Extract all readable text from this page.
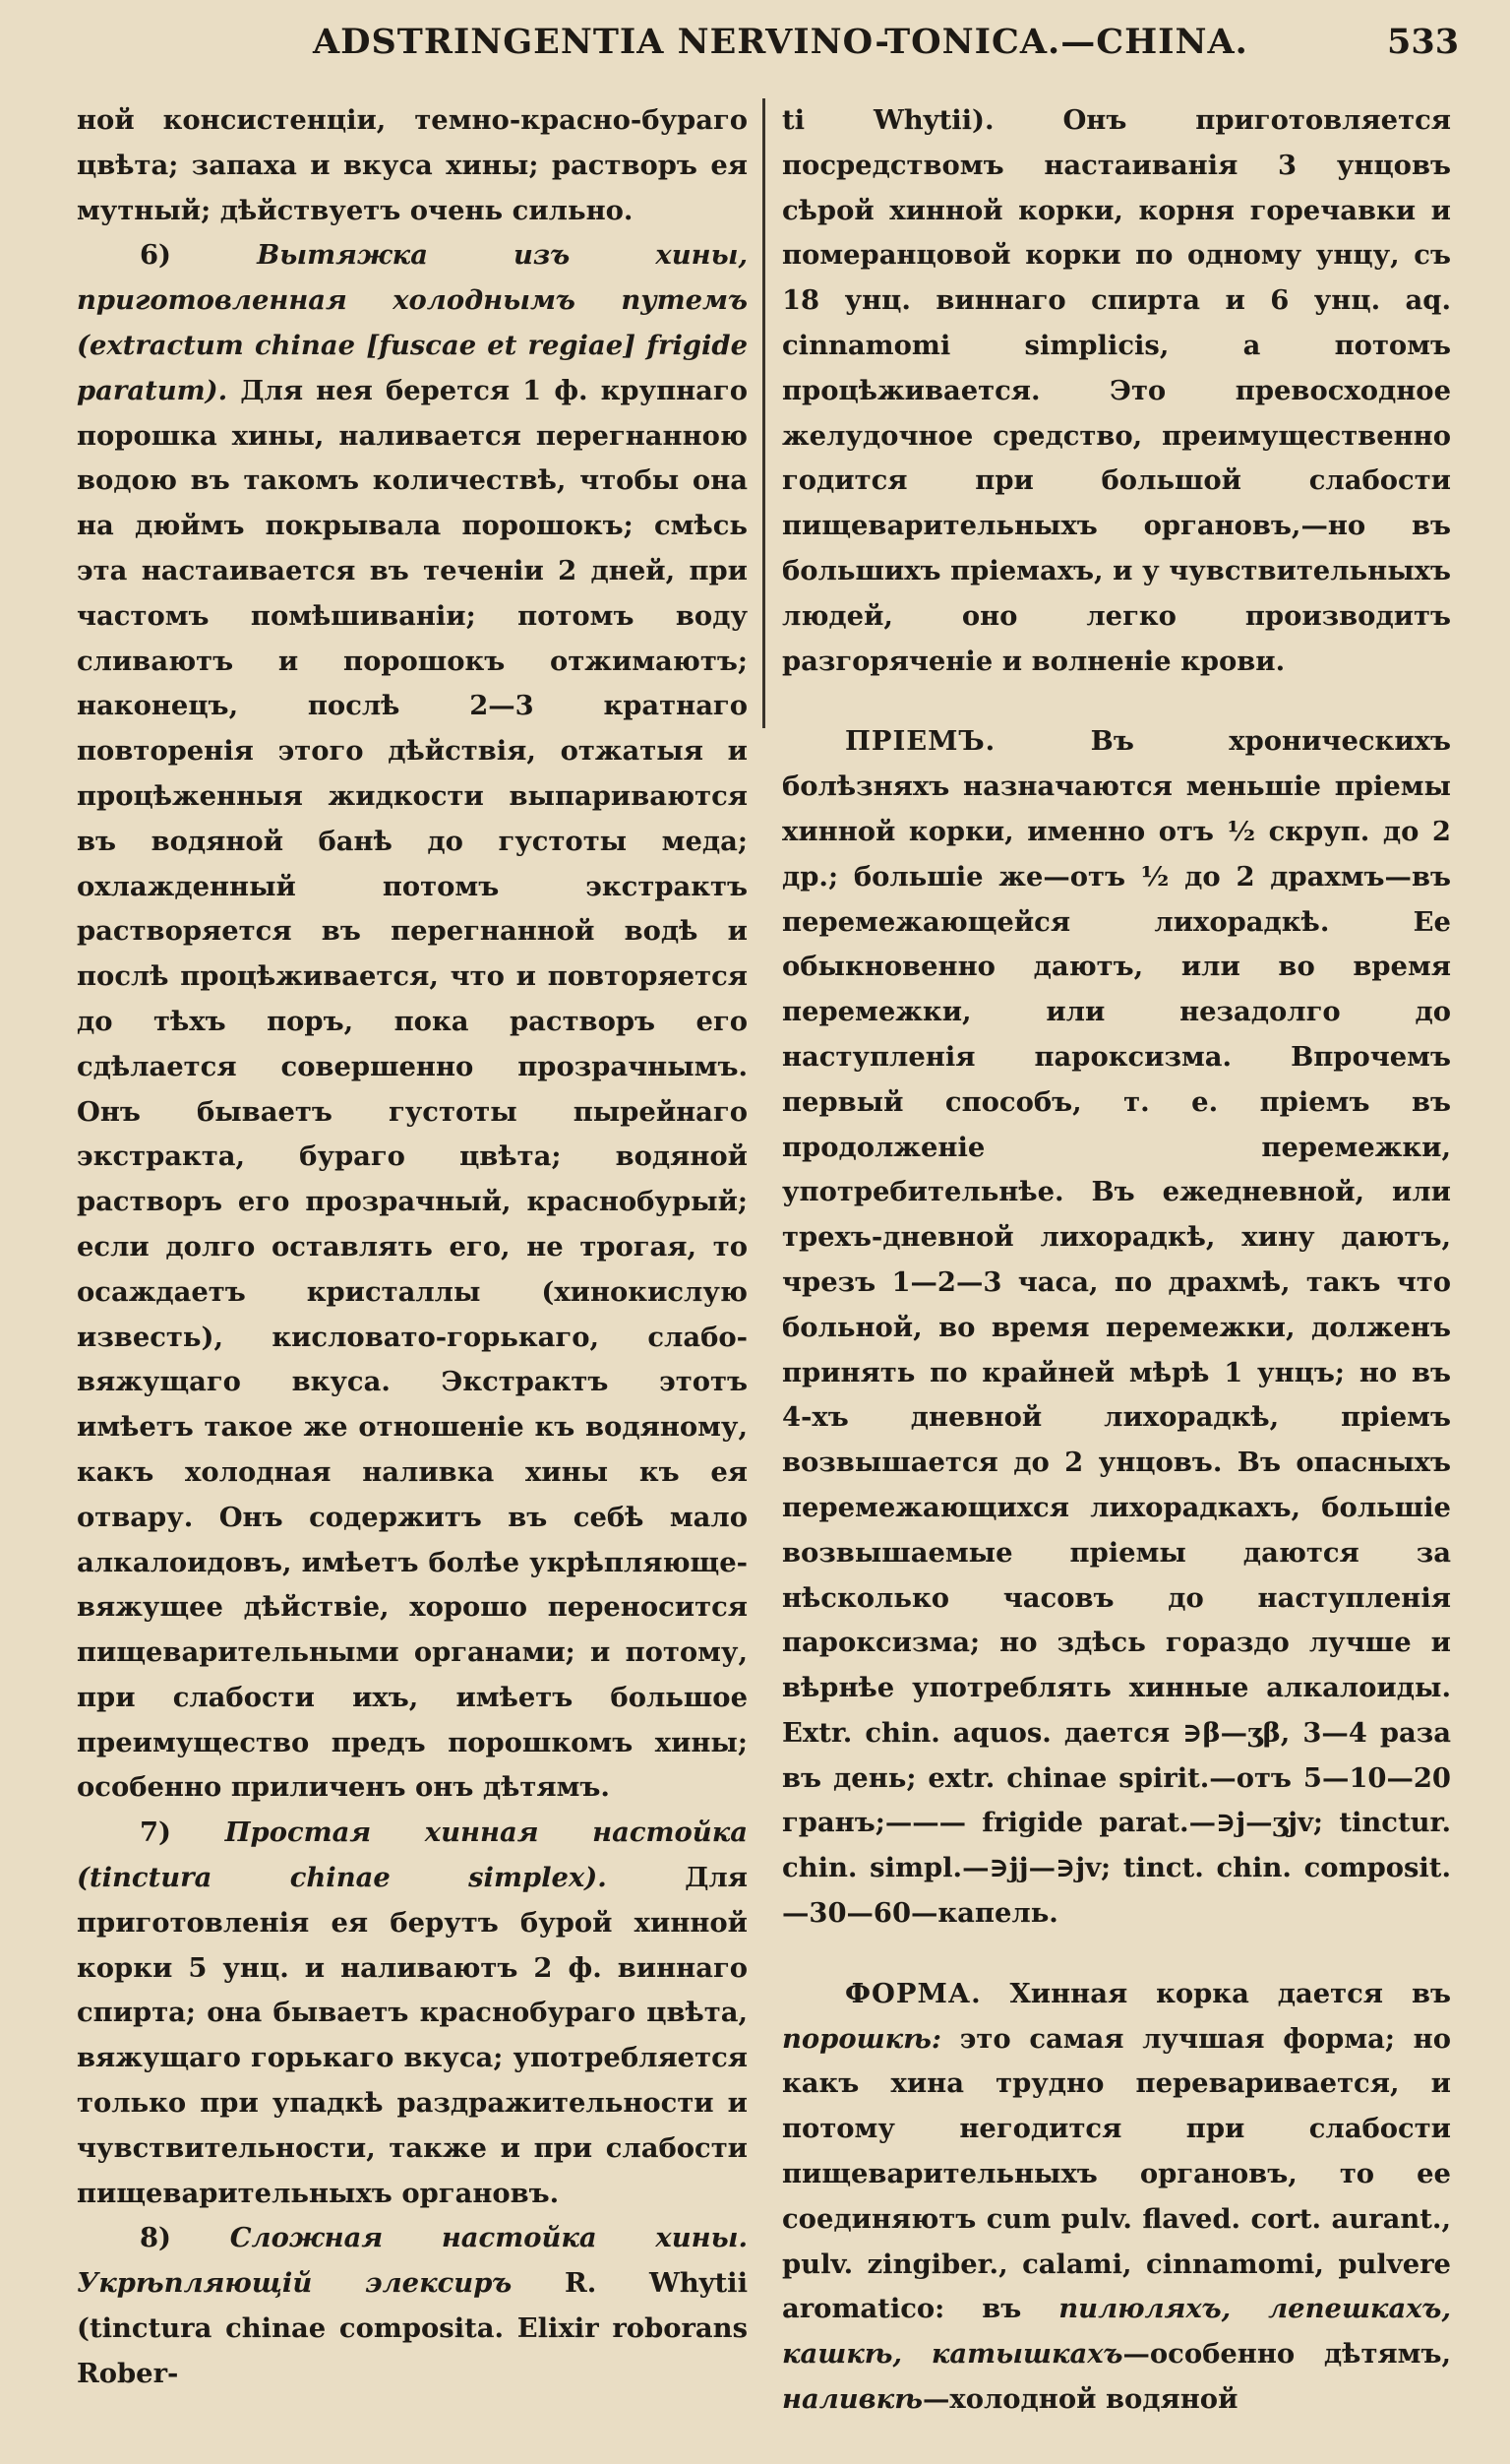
ADSTRINGENTIA NERVINO-TONICA.—CHINA.	533

ной консистенціи, темно-красно-бураго цвѣта; запаха и вкуса хины; растворъ ея мутный; дѣйствуетъ очень сильно.

6)	Вытяжка изъ хины, приготовленная холоднымъ путемъ (extractum chinae [fuscae et regiae] frigide paratum). Для нея берется 1 ф. крупнаго порошка хины, наливается перегнанною водою въ такомъ количествѣ, чтобы она на дюймъ покрывала порошокъ; смѣсь эта настаивается въ теченіи 2 дней, при частомъ помѣшиваніи; потомъ воду сливаютъ и порошокъ отжимаютъ; наконецъ, послѣ 2—3 кратнаго повторенія этого дѣйствія, отжатыя и процѣженныя жидкости выпариваются въ водяной банѣ до густоты меда; охлажденный потомъ экстрактъ растворяется въ перегнанной водѣ и послѣ процѣживается, что и повторяется до тѣхъ поръ, пока растворъ его сдѣлается совершенно прозрачнымъ. Онъ бываетъ густоты пырейнаго экстракта, бураго цвѣта; водяной растворъ его прозрачный, краснобурый; если долго оставлять его, не трогая, то осаждаетъ кристаллы (хинокислую известь), кисловато-горькаго, слабо-вяжущаго вкуса. Экстрактъ этотъ имѣетъ такое же отношеніе къ водяному, какъ холодная наливка хины къ ея отвару. Онъ содержитъ въ себѣ мало алкалоидовъ, имѣетъ болѣе укрѣпляюще-вяжущее дѣйствіе, хорошо переносится пищеварительными органами; и потому, при слабости ихъ, имѣетъ большое преимущество предъ порошкомъ хины; особенно приличенъ онъ дѣтямъ.

7) Простая хинная настойка (tinctura chinae simplex).	Для приготовленія ея берутъ бурой хинной корки 5 унц. и наливаютъ 2 ф. виннаго спирта; она бываетъ краснобураго цвѣта, вяжущаго горькаго вкуса; употребляется только при упадкѣ раздражительности и чувствительности, также и при слабости пищеварительныхъ органовъ.

8) Сложная настойка хины. Укрѣпляющій элексиръ R. Whytii (tinctura chinae composita. Elixir roborans Rober-

ti Whytii). Онъ приготовляется посредствомъ настаиванія 3 унцовъ сѣрой хинной корки, корня горечавки и померанцовой корки по одному унцу, съ 18 унц. виннаго спирта и 6 унц. aq. cinnamomi simplicis, а потомъ процѣживается. Это превосходное желудочное средство, преимущественно годится при большой слабости пищеварительныхъ органовъ,—но въ большихъ пріемахъ, и у чувствительныхъ людей, оно легко производитъ разгоряченіе и волненіе крови.

ПРІЕМЪ.	Въ хроническихъ болѣзняхъ назначаются меньшіе пріемы хинной корки, именно отъ ½ скруп. до 2 др.; большіе же—отъ ½ до 2 драхмъ—въ перемежающейся лихорадкѣ. Ее обыкновенно даютъ, или во время перемежки, или незадолго до наступленія пароксизма. Впрочемъ первый способъ, т. е. пріемъ въ продолженіе перемежки, употребительнѣе. Въ ежедневной, или трехъ-дневной лихорадкѣ, хину даютъ, чрезъ 1—2—3 часа, по драхмѣ, такъ что больной, во время перемежки, долженъ принять по крайней мѣрѣ 1 унцъ; но въ 4-хъ дневной лихорадкѣ, пріемъ возвышается до 2 унцовъ. Въ опасныхъ перемежающихся лихорадкахъ, большіе возвышаемые пріемы даются за нѣсколько часовъ до наступленія пароксизма; но здѣсь гораздо лучше и вѣрнѣе употреблять хинные алкалоиды. Extr. chin. aquos. дается ∋β—ʒβ, 3—4 раза въ день; extr. chinae spirit.—отъ 5—10—20 гранъ;——— frigide parat.—∋j—ʒjv; tinctur. chin. simpl.—∋jj—∋jv; tinct. chin. composit.—30—60—капель.

ФОРМА. Хинная корка дается въ порошкѣ: это самая лучшая форма; но какъ хина трудно переваривается, и потому негодится при слабости пищеварительныхъ органовъ, то ее соединяютъ cum pulv. flaved. cort. aurant., pulv. zingiber., calami, cinnamomi, pulvere aromatico: въ пилюляхъ, лепешкахъ, кашкѣ, катышкахъ—особенно дѣтямъ, наливкѣ—холодной водяной
